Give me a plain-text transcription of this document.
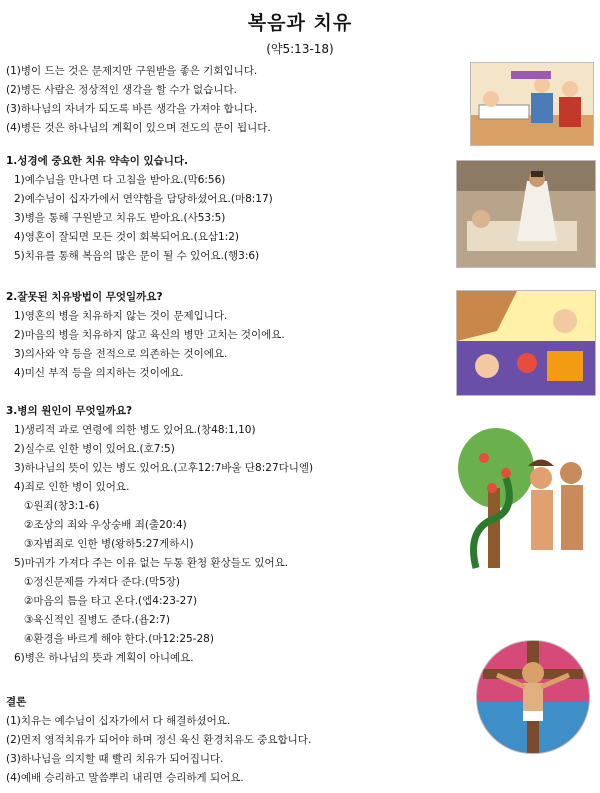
복음과 치유
(약5:13-18)
(1)병이 드는 것은 문제지만 구원받을 좋은 기회입니다.
(2)병든 사람은 정상적인 생각을 할 수가 없습니다.
(3)하나님의 자녀가 되도록 바른 생각을 가져야 합니다.
(4)병든 것은 하나님의 계획이 있으며 전도의 문이 됩니다.
1.성경에 중요한 치유 약속이 있습니다.
1)예수님을 만나면 다 고침을 받아요.(막6:56)
2)예수님이 십자가에서 연약함을 담당하셨어요.(마8:17)
3)병을 통해 구원받고 치유도 받아요.(사53:5)
4)영혼이 잘되면 모든 것이 회복되어요.(요삼1:2)
5)치유를 통해 복음의 많은 문이 될 수 있어요.(행3:6)
2.잘못된 치유방법이 무엇일까요?
1)영혼의 병을 치유하지 않는 것이 문제입니다.
2)마음의 병을 치유하지 않고 육신의 병만 고치는 것이에요.
3)의사와 약 등을 전적으로 의존하는 것이에요.
4)미신 부적 등을 의지하는 것이에요.
3.병의 원인이 무엇일까요?
1)생리적 과로 연령에 의한 병도 있어요.(창48:1,10)
2)실수로 인한 병이 있어요.(호7:5)
3)하나님의 뜻이 있는 병도 있어요.(고후12:7바울 단8:27다니엘)
4)죄로 인한 병이 있어요.
①원죄(창3:1-6)
②조상의 죄와 우상숭배 죄(출20:4)
③자범죄로 인한 병(왕하5:27게하시)
5)마귀가 가져다 주는 이유 없는 두통 환청 환상들도 있어요.
①정신문제를 가져다 준다.(막5장)
②마음의 틈을 타고 온다.(엡4:23-27)
③육신적인 질병도 준다.(욥2:7)
④환경을 바르게 해야 한다.(마12:25-28)
6)병은 하나님의 뜻과 계획이 아니예요.
결론
(1)치유는 예수님이 십자가에서 다 해결하셨어요.
(2)먼저 영적치유가 되어야 하며 정신 육신 환경치유도 중요합니다.
(3)하나님을 의지할 때 빨리 치유가 되어집니다.
(4)예배 승리하고 말씀뿌리 내리면 승리하게 되어요.
